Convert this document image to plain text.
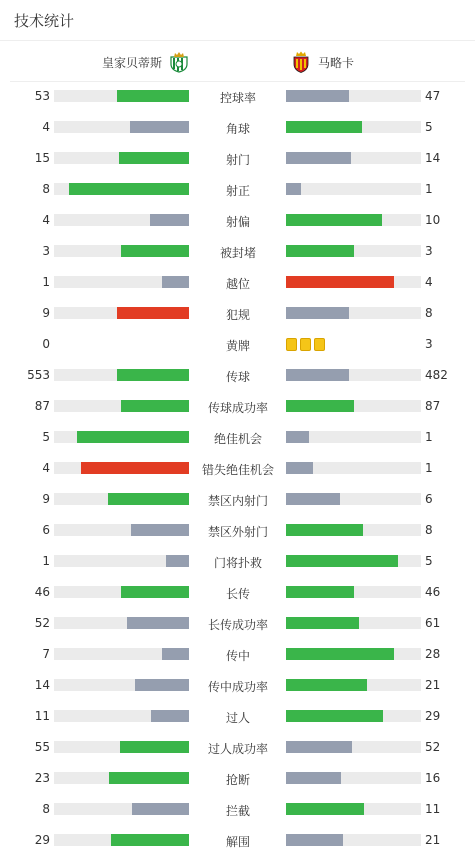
技术统计
皇家贝蒂斯	马略卡
53	控球率	47
4	角球	5
15	射门	14
8	射正	1
4	射偏	10
3	被封堵	3
1	越位	4
9	犯规	8
0	黄牌	3
553	传球	482
87	传球成功率	87
5	绝佳机会	1
4	错失绝佳机会	1
9	禁区内射门	6
6	禁区外射门	8
1	门将扑救	5
46	长传	46
52	长传成功率	61
7	传中	28
14	传中成功率	21
11	过人	29
55	过人成功率	52
23	抢断	16
8	拦截	11
29	解围	21
